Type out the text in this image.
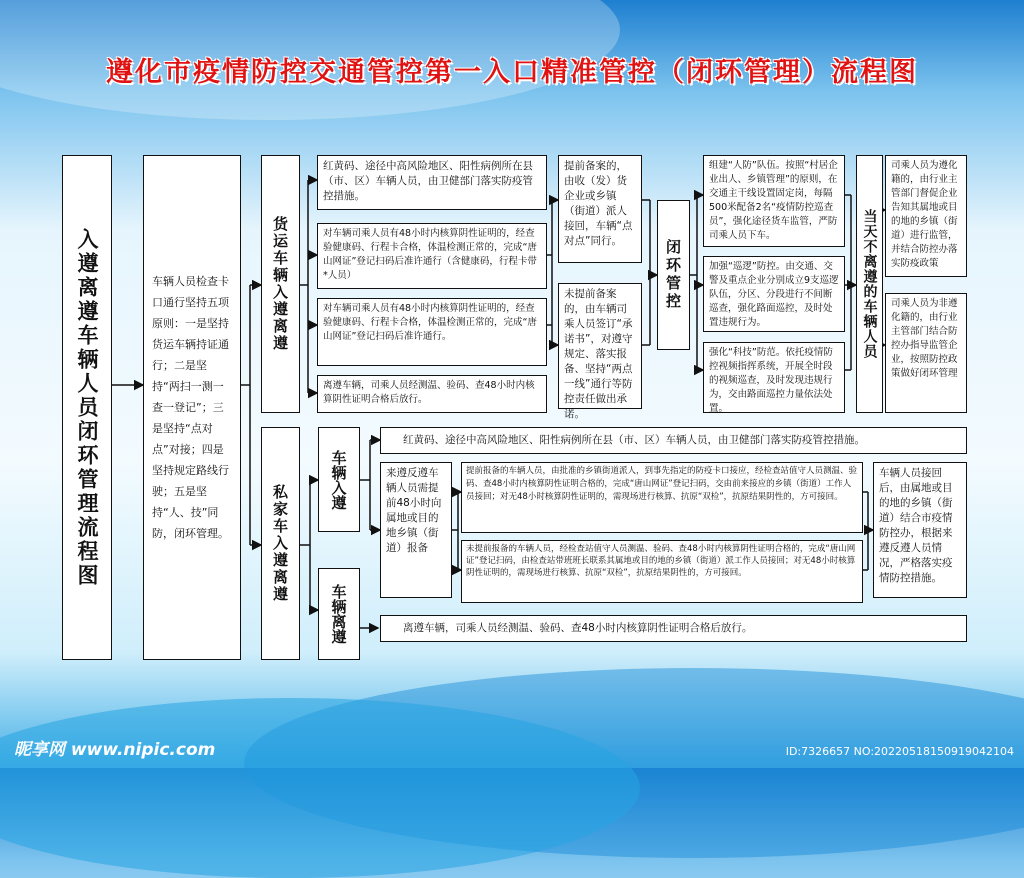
遵化市疫情防控交通管控第一入口精准管控（闭环管理）流程图
入遵离遵车辆人员闭环管理流程图	车辆人员检查卡口通行坚持五项原则：一是坚持货运车辆持证通行；二是坚持“两扫一测一查一登记”；三是坚持“点对点”对接；四是坚持规定路线行驶；五是坚持“人、技”同防，闭环管理。
货运车辆入遵离遵
红黄码、途径中高风险地区、阳性病例所在县（市、区）车辆人员，由卫健部门落实防疫管控措施。
对车辆司乘人员有48小时内核算阴性证明的，经查验健康码、行程卡合格，体温检测正常的，完成“唐山网证”登记扫码后准许通行（含健康码，行程卡带*人员）
对车辆司乘人员有48小时内核算阴性证明的，经查验健康码、行程卡合格，体温检测正常的，完成“唐山网证”登记扫码后准许通行。
离遵车辆，司乘人员经测温、验码、查48小时内核算阴性证明合格后放行。
提前备案的，由收（发）货企业或乡镇（街道）派人接回，车辆“点对点”同行。
未提前备案的，由车辆司乘人员签订“承诺书”，对遵守规定、落实报备、坚持“两点一线”通行等防控责任做出承诺。
闭环管控
组建“人防”队伍。按照“村居企业出人、乡镇管理”的原则，在交通主干线设置固定岗，每隔500米配备2名“疫情防控巡查员”，强化途径货车监管，严防司乘人员下车。
加强“巡逻”防控。由交通、交警及重点企业分别成立9支巡逻队伍，分区、分段进行不间断巡查，强化路面巡控，及时处置违规行为。
强化“科技”防范。依托疫情防控视频指挥系统，开展全时段的视频巡查，及时发现违规行为，交由路面巡控力量依法处置。
当天不离遵的车辆人员
司乘人员为遵化籍的，由行业主管部门督促企业告知其属地或目的地的乡镇（街道）进行监管，并结合防控办落实防疫政策
司乘人员为非遵化籍的，由行业主管部门结合防控办指导监管企业，按照防控政策做好闭环管理
私家车入遵离遵
车辆入遵
车辆离遵
红黄码、途径中高风险地区、阳性病例所在县（市、区）车辆人员，由卫健部门落实防疫管控措施。
来遵反遵车辆人员需提前48小时向属地或目的地乡镇（街道）报备
提前报备的车辆人员，由批准的乡镇街道派人，到事先指定的防疫卡口接应，经检查站值守人员测温、验码、查48小时内核算阴性证明合格的，完成“唐山网证”登记扫码，交由前来接应的乡镇（街道）工作人员接回；对无48小时核算阴性证明的，需现场进行核算、抗原“双检”，抗原结果阴性的，方可接回。
未提前报备的车辆人员，经检查站值守人员测温、验码、查48小时内核算阴性证明合格的，完成“唐山网证”登记扫码，由检查站带班班长联系其属地或目的地的乡镇（街道）派工作人员接回；对无48小时核算阴性证明的，需现场进行核算、抗原“双检”，抗原结果阴性的，方可接回。
车辆人员接回后，由属地或目的地的乡镇（街道）结合市疫情防控办，根据来遵反遵人员情况，严格落实疫情防控措施。
离遵车辆，司乘人员经测温、验码、查48小时内核算阴性证明合格后放行。
昵享网 www.nipic.com	ID:7326657 NO:20220518150919042104
